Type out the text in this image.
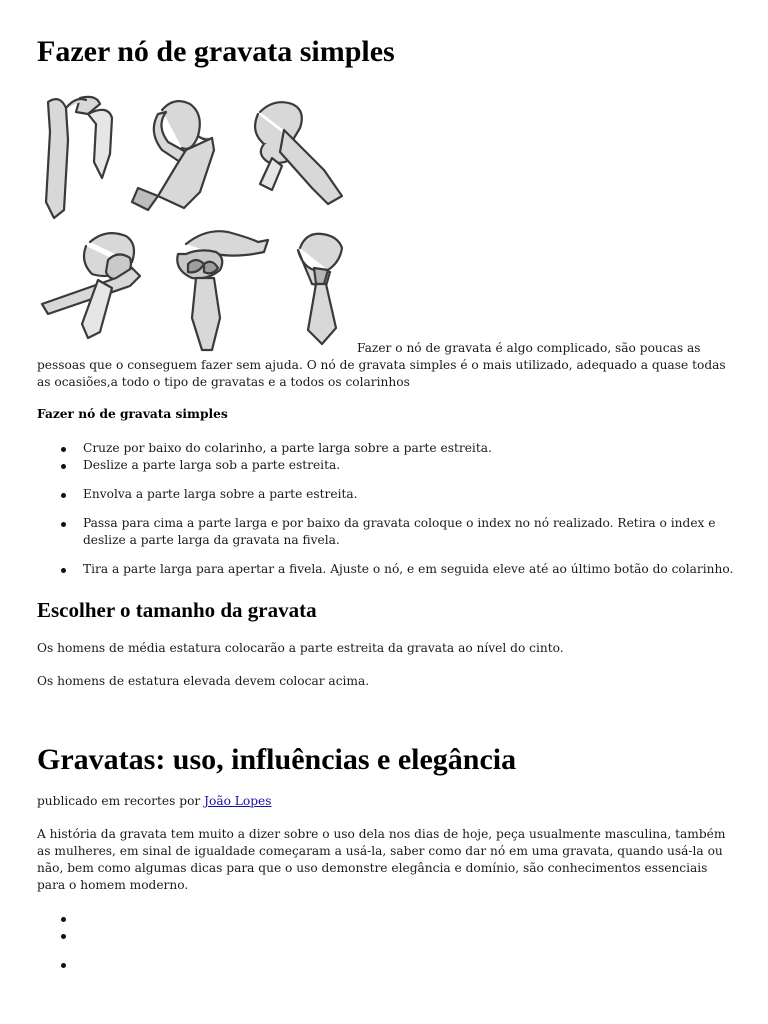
Fazer nó de gravata simples

Fazer o nó de gravata é algo complicado, são poucas as
pessoas que o conseguem fazer sem ajuda. O nó de gravata simples é o mais utilizado, adequado a quase todas as ocasiões,a todo o tipo de gravatas e a todos os colarinhos

Fazer nó de gravata simples

Cruze por baixo do colarinho, a parte larga sobre a parte estreita.
Deslize a parte larga sob a parte estreita.
Envolva a parte larga sobre a parte estreita.
Passa para cima a parte larga e por baixo da gravata coloque o index no nó realizado. Retira o index e deslize a parte larga da gravata na fivela.
Tira a parte larga para apertar a fivela. Ajuste o nó, e em seguida eleve até ao último botão do colarinho.
Escolher o tamanho da gravata

Os homens de média estatura colocarão a parte estreita da gravata ao nível do cinto.

Os homens de estatura elevada devem colocar acima.

Gravatas: uso, influências e elegância

publicado em recortes por João Lopes

A história da gravata tem muito a dizer sobre o uso dela nos dias de hoje, peça usualmente masculina, também as mulheres, em sinal de igualdade começaram a usá-la, saber como dar nó em uma gravata, quando usá-la ou não, bem como algumas dicas para que o uso demonstre elegância e domínio, são conhecimentos essenciais para o homem moderno.
